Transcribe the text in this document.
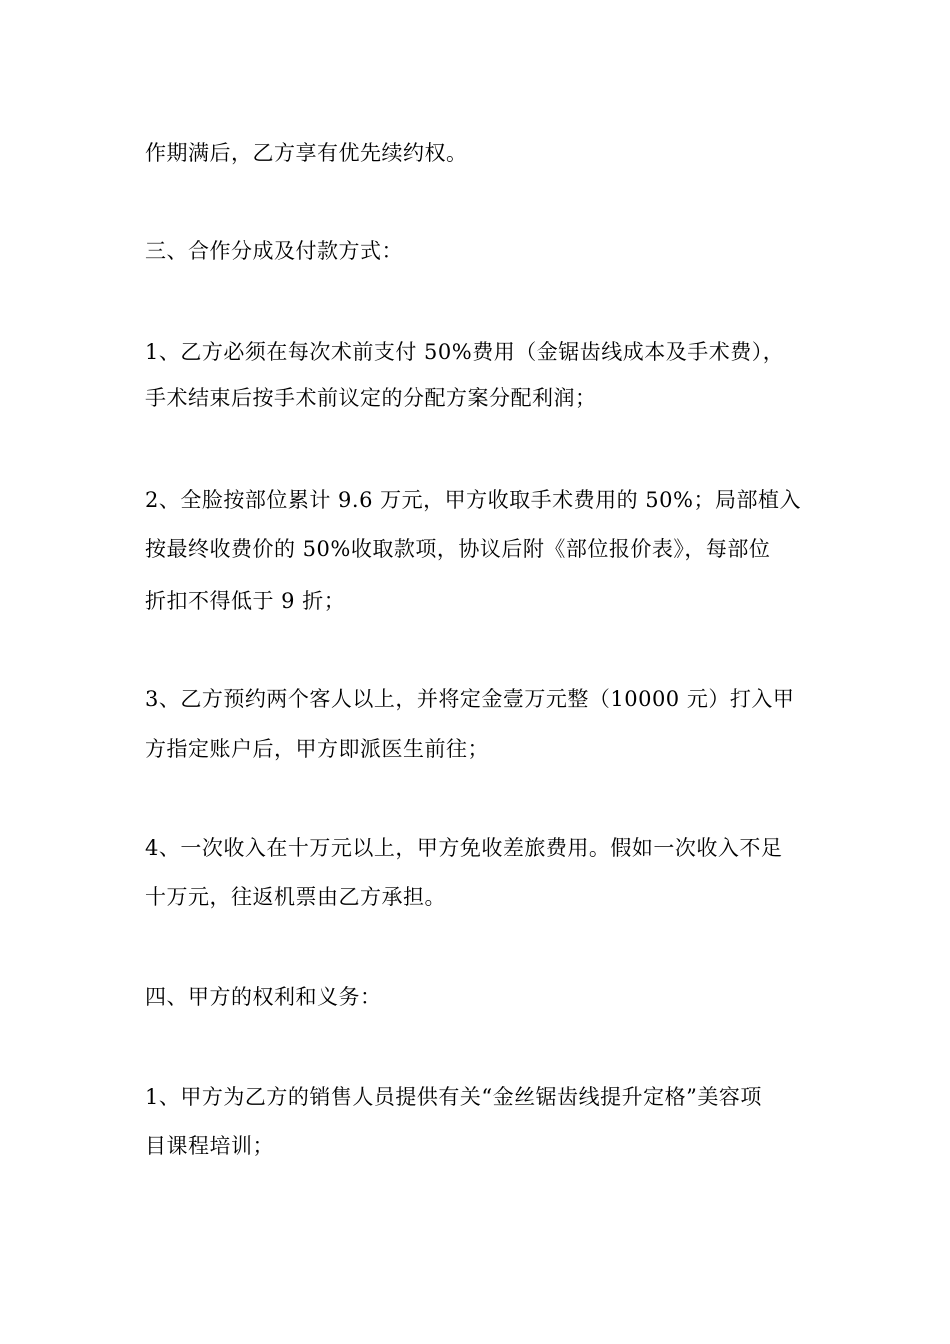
作期满后，乙方享有优先续约权。
三、合作分成及付款方式：
1、乙方必须在每次术前支付 50%费用（金锯齿线成本及手术费），
手术结束后按手术前议定的分配方案分配利润；
2、全脸按部位累计 9.6 万元，甲方收取手术费用的 50%；局部植入
按最终收费价的 50%收取款项，协议后附《部位报价表》，每部位
折扣不得低于 9 折；
3、乙方预约两个客人以上，并将定金壹万元整（10000 元）打入甲
方指定账户后，甲方即派医生前往；
4、一次收入在十万元以上，甲方免收差旅费用。假如一次收入不足
十万元，往返机票由乙方承担。
四、甲方的权利和义务：
1、甲方为乙方的销售人员提供有关“金丝锯齿线提升定格”美容项
目课程培训；
